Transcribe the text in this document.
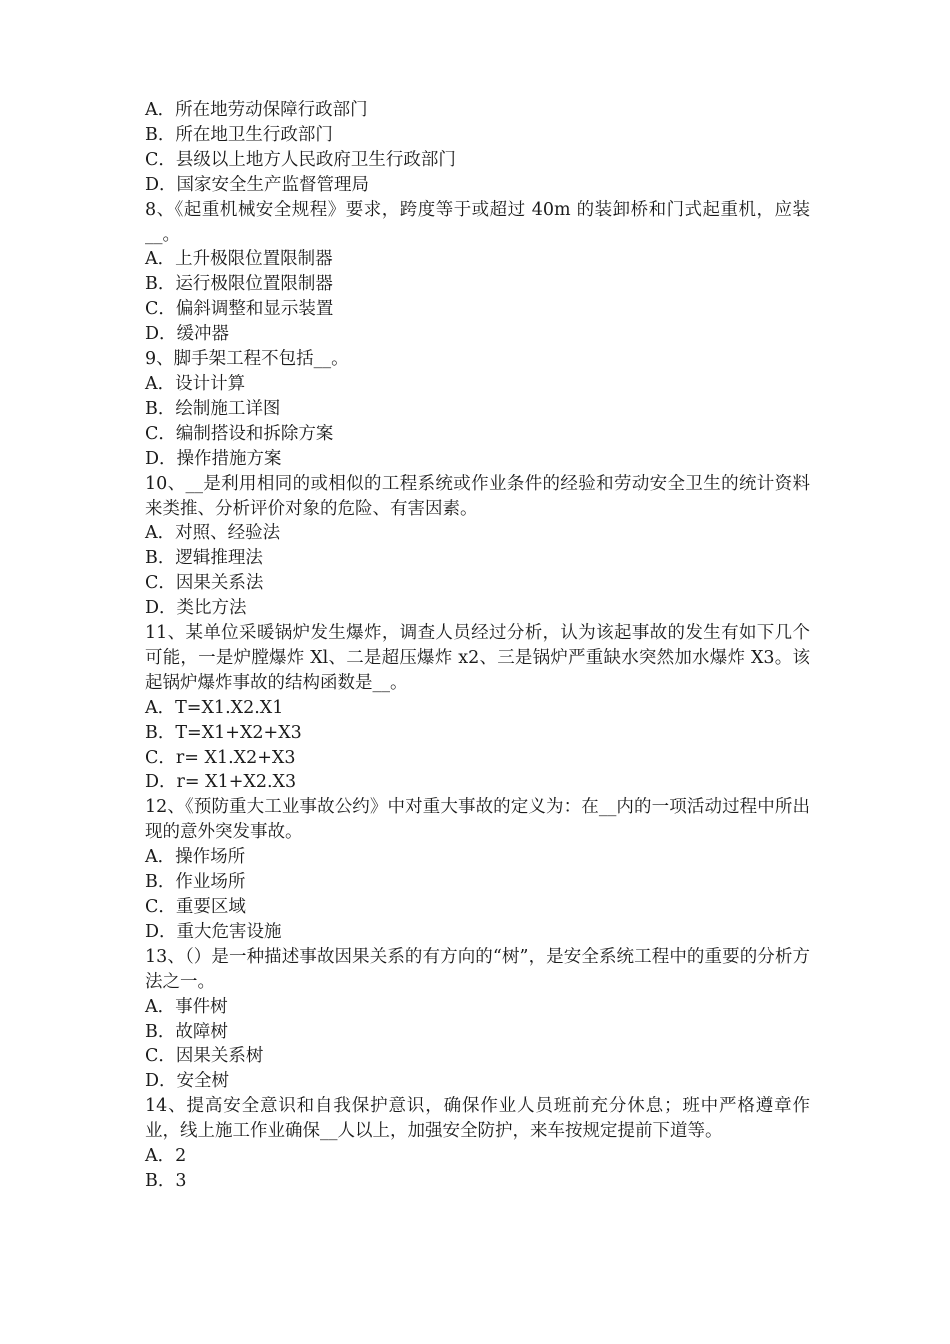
A．所在地劳动保障行政部门
B．所在地卫生行政部门
C．县级以上地方人民政府卫生行政部门
D．国家安全生产监督管理局
8、《起重机械安全规程》要求，跨度等于或超过 40m 的装卸桥和门式起重机，应装__。
A．上升极限位置限制器
B．运行极限位置限制器
C．偏斜调整和显示装置
D．缓冲器
9、脚手架工程不包括__。
A．设计计算
B．绘制施工详图
C．编制搭设和拆除方案
D．操作措施方案
10、__是利用相同的或相似的工程系统或作业条件的经验和劳动安全卫生的统计资料来类推、分析评价对象的危险、有害因素。
A．对照、经验法
B．逻辑推理法
C．因果关系法
D．类比方法
11、某单位采暖锅炉发生爆炸，调查人员经过分析，认为该起事故的发生有如下几个可能，一是炉膛爆炸 Xl、二是超压爆炸 x2、三是锅炉严重缺水突然加水爆炸 X3。该起锅炉爆炸事故的结构函数是__。
A．T=X1.X2.X1
B．T=X1+X2+X3
C．r= X1.X2+X3
D．r= X1+X2.X3
12、《预防重大工业事故公约》中对重大事故的定义为：在__内的一项活动过程中所出现的意外突发事故。
A．操作场所
B．作业场所
C．重要区域
D．重大危害设施
13、（）是一种描述事故因果关系的有方向的“树”，是安全系统工程中的重要的分析方法之一。
A．事件树
B．故障树
C．因果关系树
D．安全树
14、提高安全意识和自我保护意识，确保作业人员班前充分休息；班中严格遵章作业，线上施工作业确保__人以上，加强安全防护，来车按规定提前下道等。
A．2
B．3
